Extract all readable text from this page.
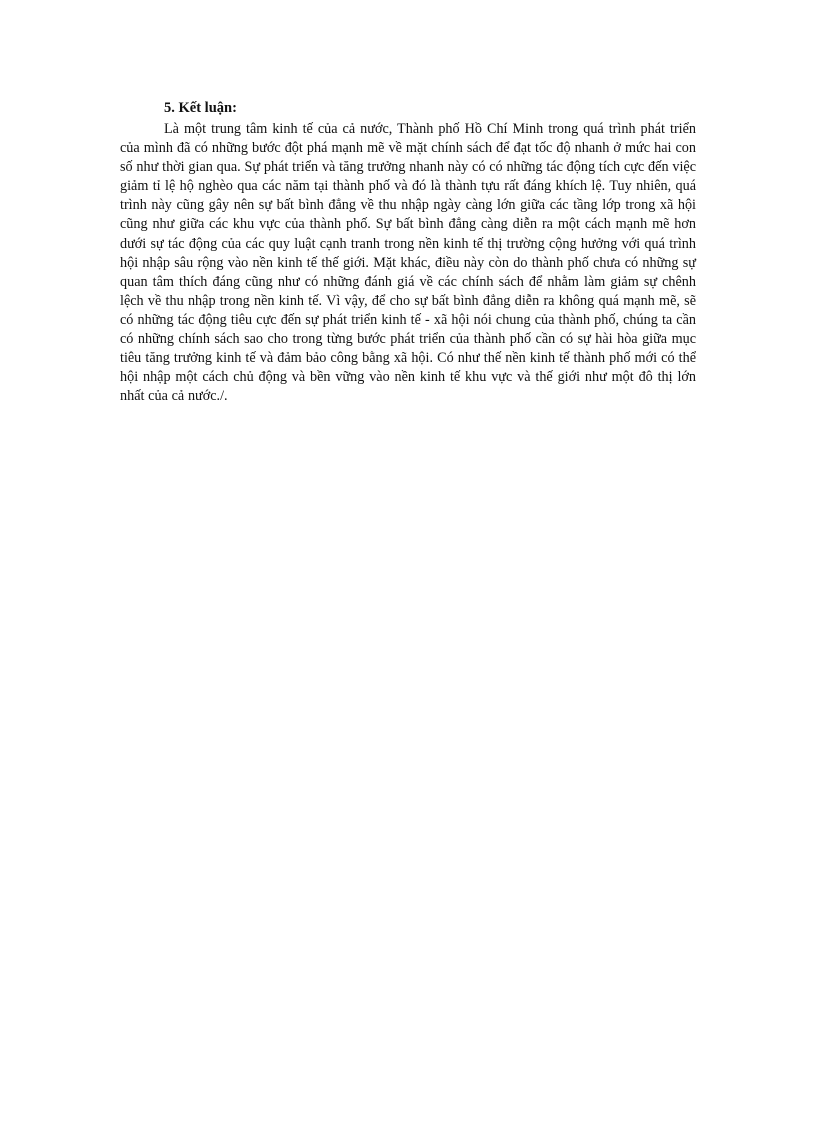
5. Kết luận:

Là một trung tâm kinh tế của cả nước, Thành phố Hồ Chí Minh trong quá trình phát triển của mình đã có những bước đột phá mạnh mẽ về mặt chính sách để đạt tốc độ nhanh ở mức hai con số như thời gian qua. Sự phát triển và tăng trưởng nhanh này có có những tác động tích cực đến việc giảm tỉ lệ hộ nghèo qua các năm tại thành phố và đó là thành tựu rất đáng khích lệ. Tuy nhiên, quá trình này cũng gây nên sự bất bình đẳng về thu nhập ngày càng lớn giữa các tầng lớp trong xã hội cũng như giữa các khu vực của thành phố. Sự bất bình đẳng càng diễn ra một cách mạnh mẽ hơn dưới sự tác động của các quy luật cạnh tranh trong nền kinh tế thị trường cộng hưởng với quá trình hội nhập sâu rộng vào nền kinh tế thế giới. Mặt khác, điều này còn do thành phố chưa có những sự quan tâm thích đáng cũng như có những đánh giá về các chính sách để nhằm làm giảm sự chênh lệch về thu nhập trong nền kinh tế. Vì vậy, để cho sự bất bình đẳng diễn ra không quá mạnh mẽ, sẽ có những tác động tiêu cực đến sự phát triển kinh tế - xã hội nói chung của thành phố, chúng ta cần có những chính sách sao cho trong từng bước phát triển của thành phố cần có sự hài hòa giữa mục tiêu tăng trưởng kinh tế và đảm bảo công bằng xã hội. Có như thế nền kinh tế thành phố mới có thể hội nhập một cách chủ động và bền vững vào nền kinh tế khu vực và thế giới như một đô thị lớn nhất của cả nước./.
